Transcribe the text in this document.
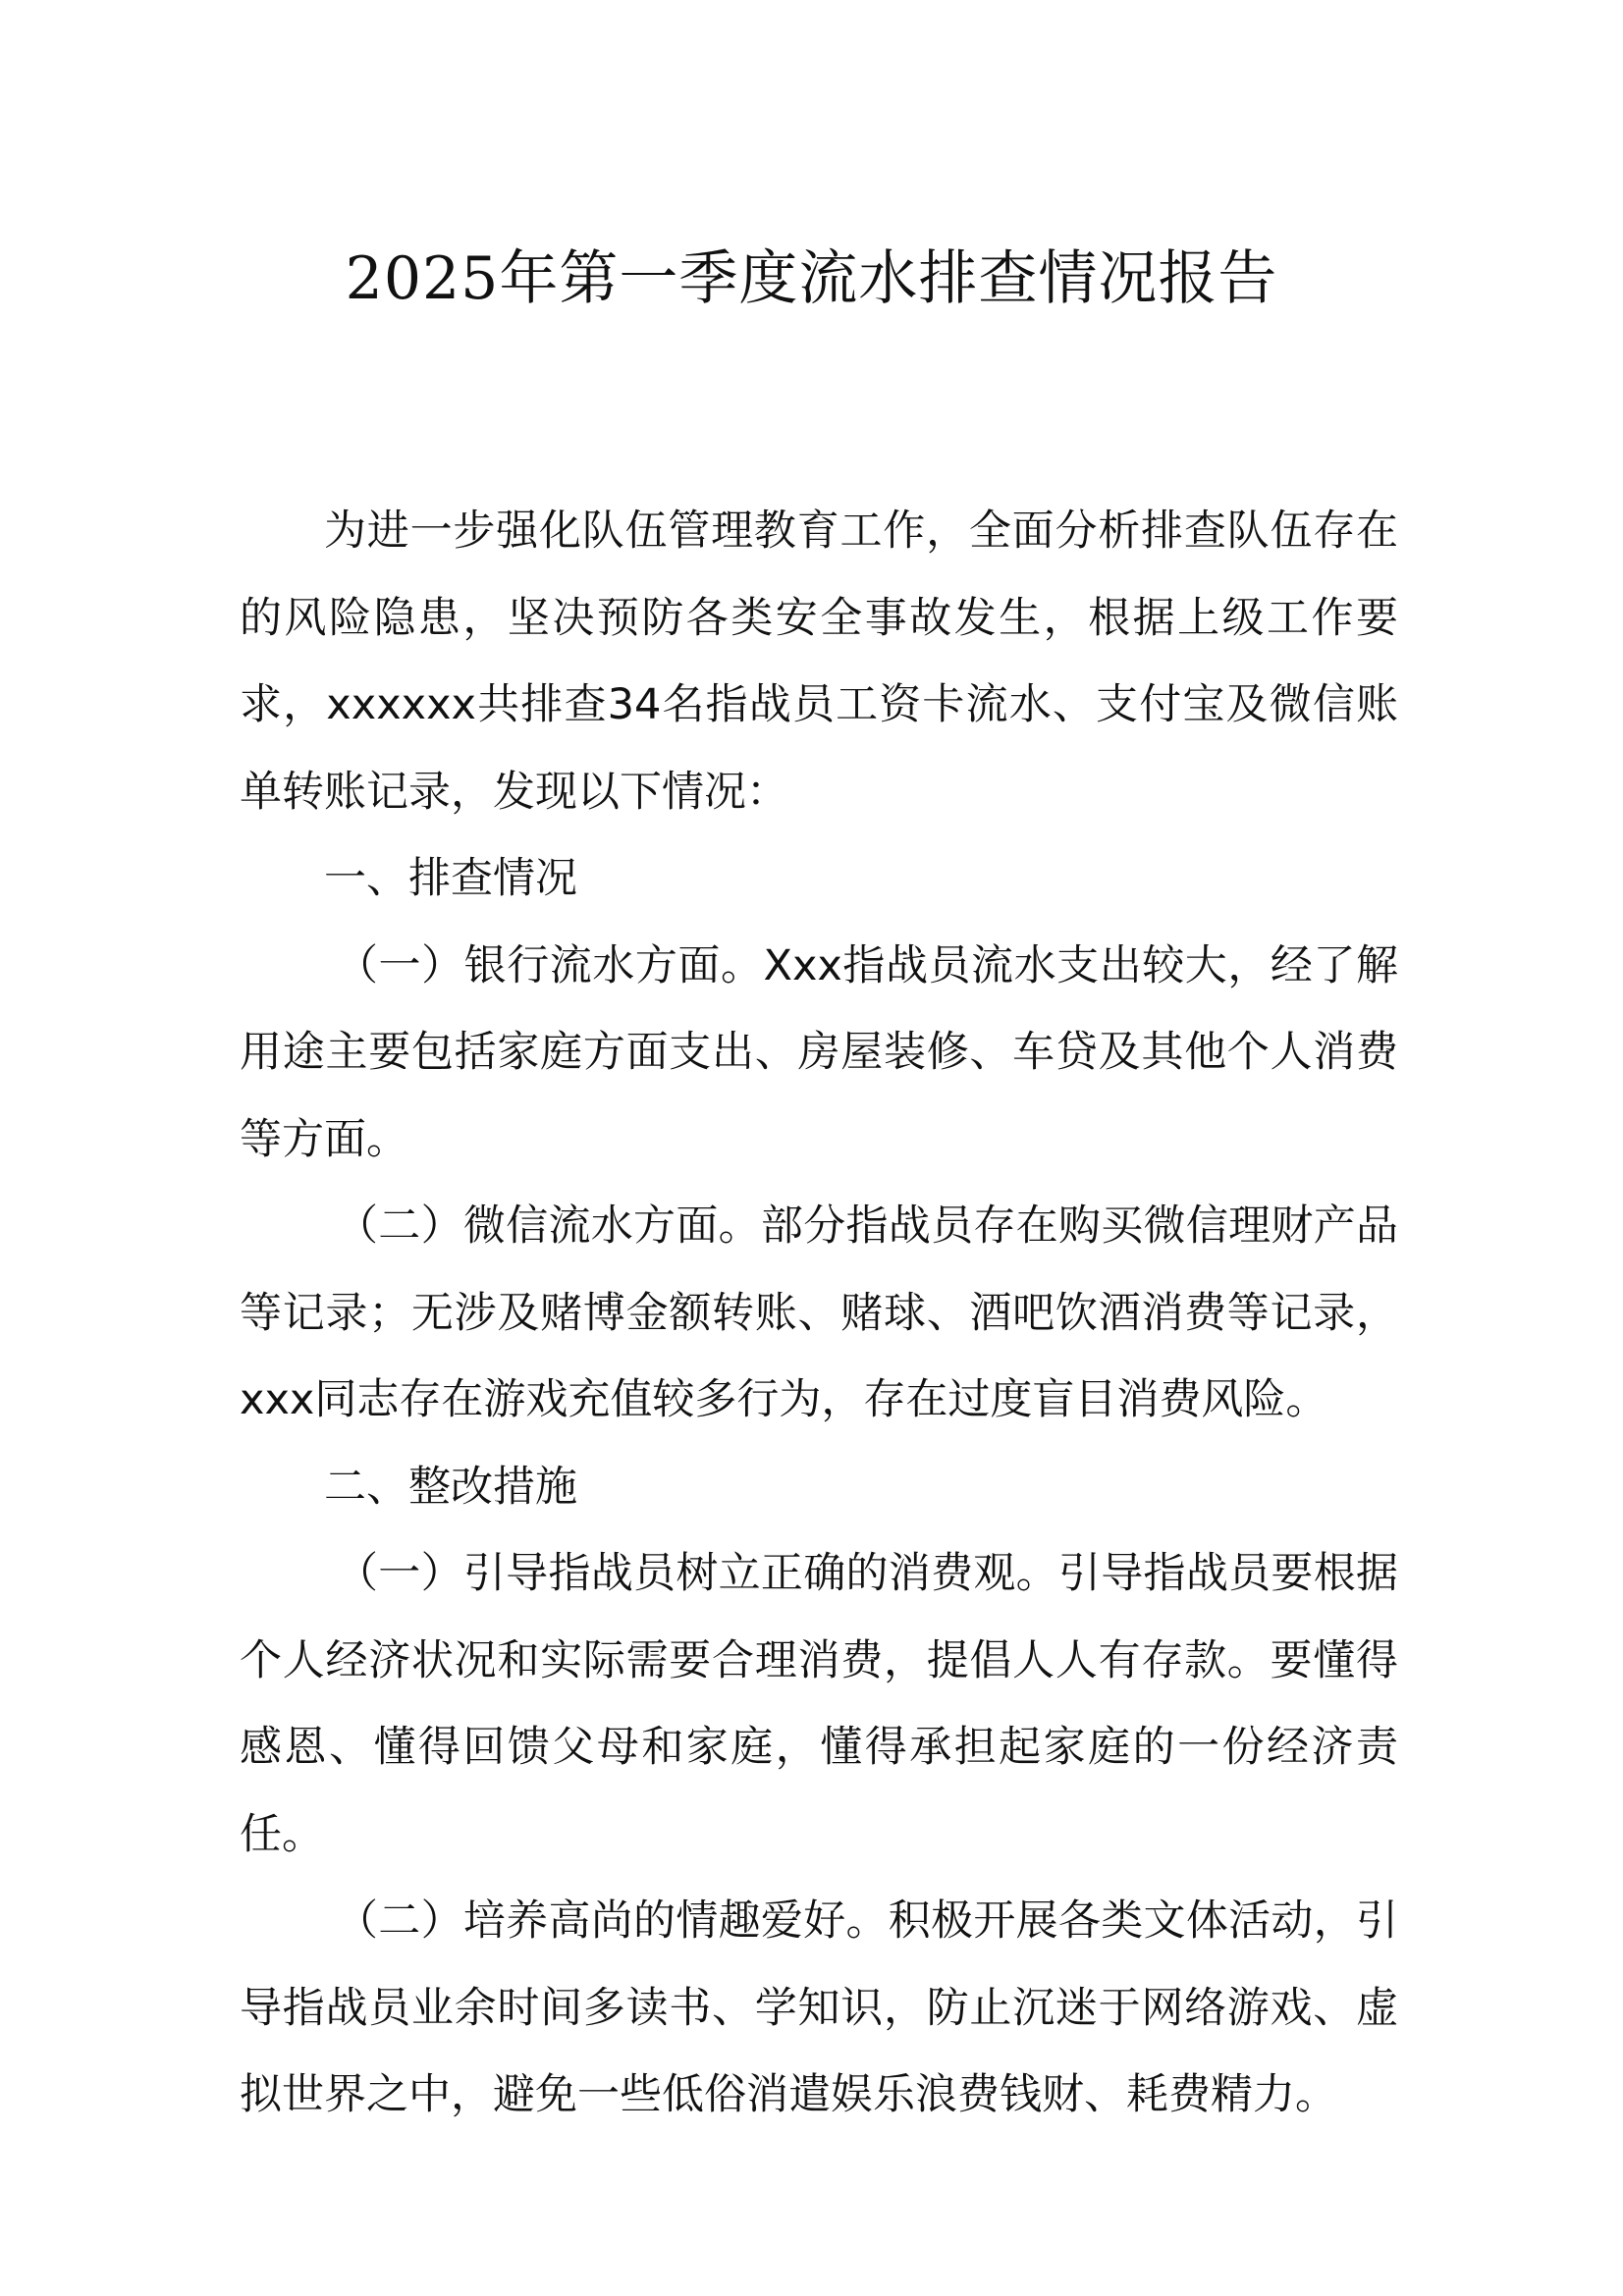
2025年第一季度流水排查情况报告

为进一步强化队伍管理教育工作，全面分析排查队伍存在的风险隐患，坚决预防各类安全事故发生，根据上级工作要求，xxxxxx共排查34名指战员工资卡流水、支付宝及微信账单转账记录，发现以下情况：

一、排查情况

（一）银行流水方面。Xxx指战员流水支出较大，经了解用途主要包括家庭方面支出、房屋装修、车贷及其他个人消费等方面。

（二）微信流水方面。部分指战员存在购买微信理财产品等记录；无涉及赌博金额转账、赌球、酒吧饮酒消费等记录，xxx同志存在游戏充值较多行为，存在过度盲目消费风险。

二、整改措施

（一）引导指战员树立正确的消费观。引导指战员要根据个人经济状况和实际需要合理消费，提倡人人有存款。要懂得感恩、懂得回馈父母和家庭，懂得承担起家庭的一份经济责任。

（二）培养高尚的情趣爱好。积极开展各类文体活动，引导指战员业余时间多读书、学知识，防止沉迷于网络游戏、虚拟世界之中，避免一些低俗消遣娱乐浪费钱财、耗费精力。
